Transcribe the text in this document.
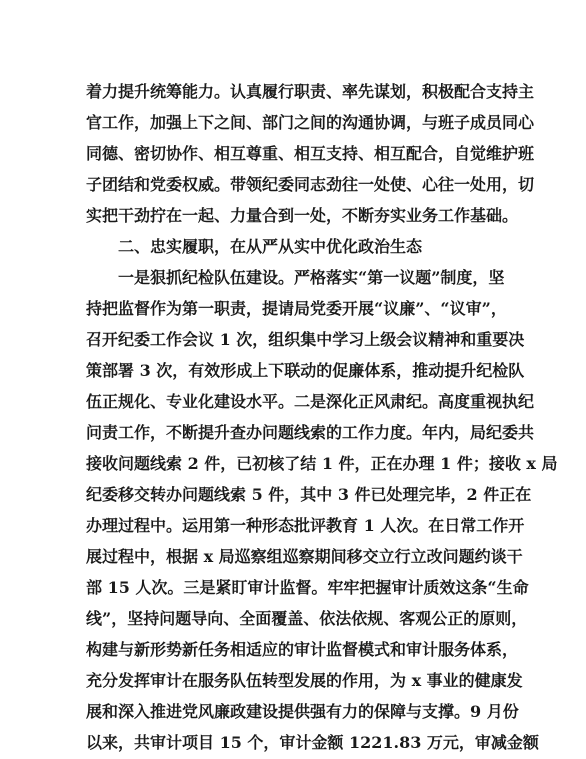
着力提升统筹能力。认真履行职责、率先谋划，积极配合支持主
官工作，加强上下之间、部门之间的沟通协调，与班子成员同心
同德、密切协作、相互尊重、相互支持、相互配合，自觉维护班
子团结和党委权威。带领纪委同志劲往一处使、心往一处用，切
实把干劲拧在一起、力量合到一处，不断夯实业务工作基础。
二、忠实履职，在从严从实中优化政治生态
一是狠抓纪检队伍建设。严格落实“第一议题”制度，坚
持把监督作为第一职责，提请局党委开展“议廉”、“议审”，
召开纪委工作会议 1 次，组织集中学习上级会议精神和重要决
策部署 3 次，有效形成上下联动的促廉体系，推动提升纪检队
伍正规化、专业化建设水平。二是深化正风肃纪。高度重视执纪
问责工作，不断提升查办问题线索的工作力度。年内，局纪委共
接收问题线索 2 件，已初核了结 1 件，正在办理 1 件；接收 x 局
纪委移交转办问题线索 5 件，其中 3 件已处理完毕，2 件正在
办理过程中。运用第一种形态批评教育 1 人次。在日常工作开
展过程中，根据 x 局巡察组巡察期间移交立行立改问题约谈干
部 15 人次。三是紧盯审计监督。牢牢把握审计质效这条“生命
线”，坚持问题导向、全面覆盖、依法依规、客观公正的原则，
构建与新形势新任务相适应的审计监督模式和审计服务体系，
充分发挥审计在服务队伍转型发展的作用，为 x 事业的健康发
展和深入推进党风廉政建设提供强有力的保障与支撑。9 月份
以来，共审计项目 15 个，审计金额 1221.83 万元，审减金额
